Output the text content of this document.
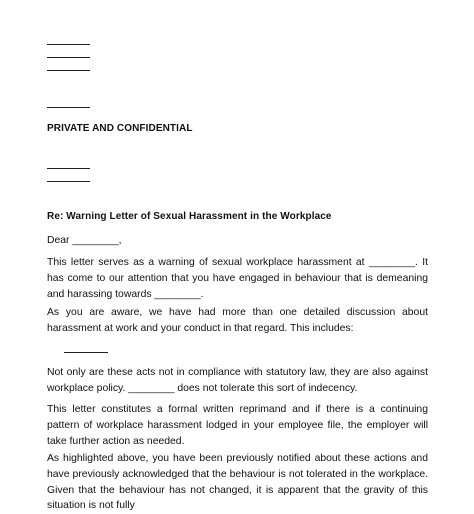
PRIVATE AND CONFIDENTIAL
Re: Warning Letter of Sexual Harassment in the Workplace
Dear ________,
This letter serves as a warning of sexual workplace harassment at ________. It has come to our attention that you have engaged in behaviour that is demeaning and harassing towards ________.
As you are aware, we have had more than one detailed discussion about harassment at work and your conduct in that regard. This includes:
Not only are these acts not in compliance with statutory law, they are also against workplace policy. ________ does not tolerate this sort of indecency.
This letter constitutes a formal written reprimand and if there is a continuing pattern of workplace harassment lodged in your employee file, the employer will take further action as needed.
As highlighted above, you have been previously notified about these actions and have previously acknowledged that the behaviour is not tolerated in the workplace. Given that the behaviour has not changed, it is apparent that the gravity of this situation is not fully
